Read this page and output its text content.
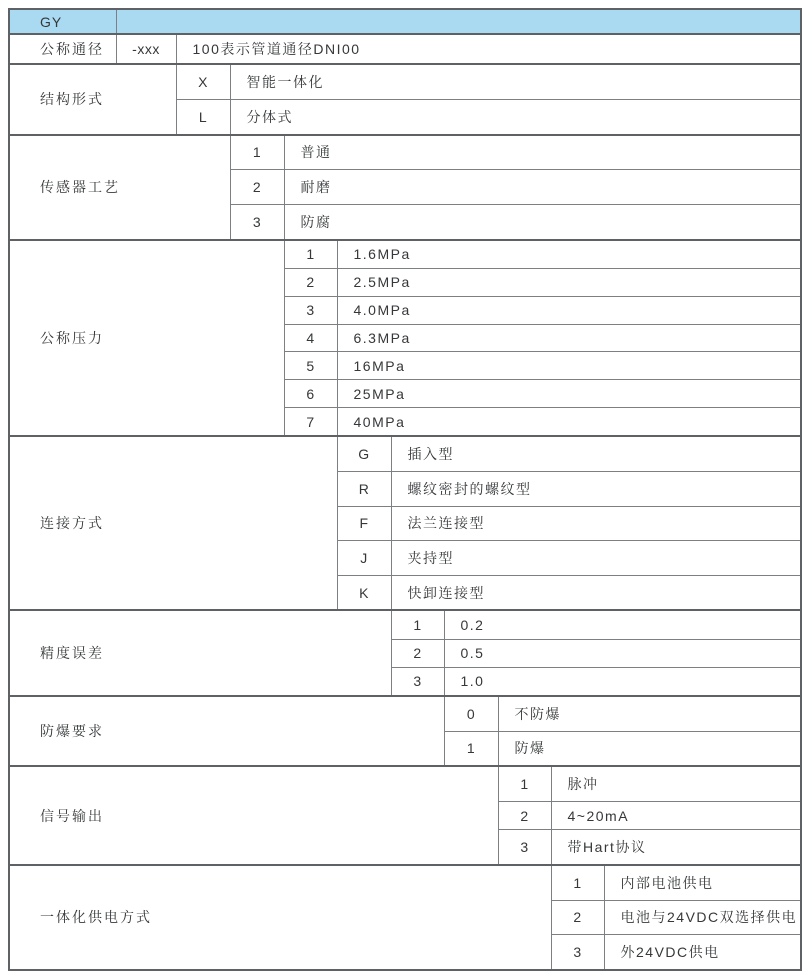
GY										
公称通径	-xxx	100表示管道通径DNI00								
结构形式		X	智能一体化							
		L	分体式							
传感器工艺			1	普通						
			2	耐磨						
			3	防腐						
公称压力				1	1.6MPa					
				2	2.5MPa					
				3	4.0MPa					
				4	6.3MPa					
				5	16MPa					
				6	25MPa					
				7	40MPa					
连接方式					G	插入型				
					R	螺纹密封的螺纹型				
					F	法兰连接型				
					J	夹持型				
					K	快卸连接型				
精度误差						1	0.2			
						2	0.5			
						3	1.0			
防爆要求							0	不防爆		
							1	防爆		
信号输出								1	脉冲	
								2	4~20mA	
								3	带Hart协议	
一体化供电方式									1	内部电池供电
									2	电池与24VDC双选择供电
									3	外24VDC供电
